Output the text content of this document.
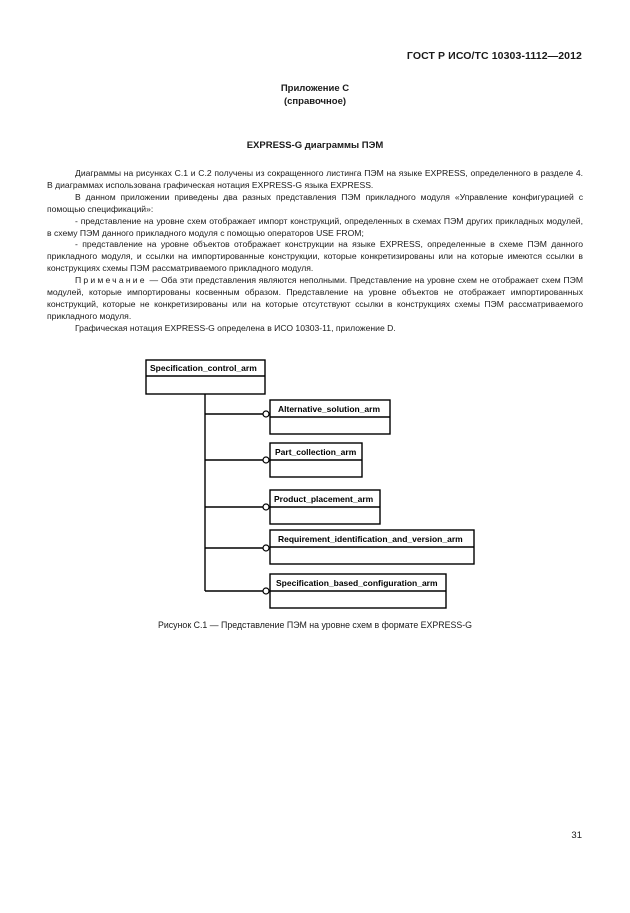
ГОСТ Р ИСО/ТС 10303-1112—2012
Приложение С
(справочное)
EXPRESS-G диаграммы ПЭМ

Диаграммы на рисунках С.1 и С.2 получены из сокращенного листинга ПЭМ на языке EXPRESS, определенного в разделе 4. В диаграммах использована графическая нотация EXPRESS-G языка EXPRESS.

В данном приложении приведены два разных представления ПЭМ прикладного модуля «Управление конфигурацией с помощью спецификаций»:

- представление на уровне схем отображает импорт конструкций, определенных в схемах ПЭМ других прикладных модулей, в схему ПЭМ данного прикладного модуля с помощью операторов USE FROM;

- представление на уровне объектов отображает конструкции на языке EXPRESS, определенные в схеме ПЭМ данного прикладного модуля, и ссылки на импортированные конструкции, которые конкретизированы или на которые имеются ссылки в конструкциях схемы ПЭМ рассматриваемого прикладного модуля.

Примечание — Оба эти представления являются неполными. Представление на уровне схем не отображает схем ПЭМ модулей, которые импортированы косвенным образом. Представление на уровне объектов не отображает импортированных конструкций, которые не конкретизированы или на которые отсутствуют ссылки в конструкциях схемы ПЭМ рассматриваемого прикладного модуля.

Графическая нотация EXPRESS-G определена в ИСО 10303-11, приложение D.

Specification_control_arm
Alternative_solution_arm
Part_collection_arm
Product_placement_arm
Requirement_identification_and_version_arm
Specification_based_configuration_arm
Рисунок С.1 — Представление ПЭМ на уровне схем в формате EXPRESS-G
31
